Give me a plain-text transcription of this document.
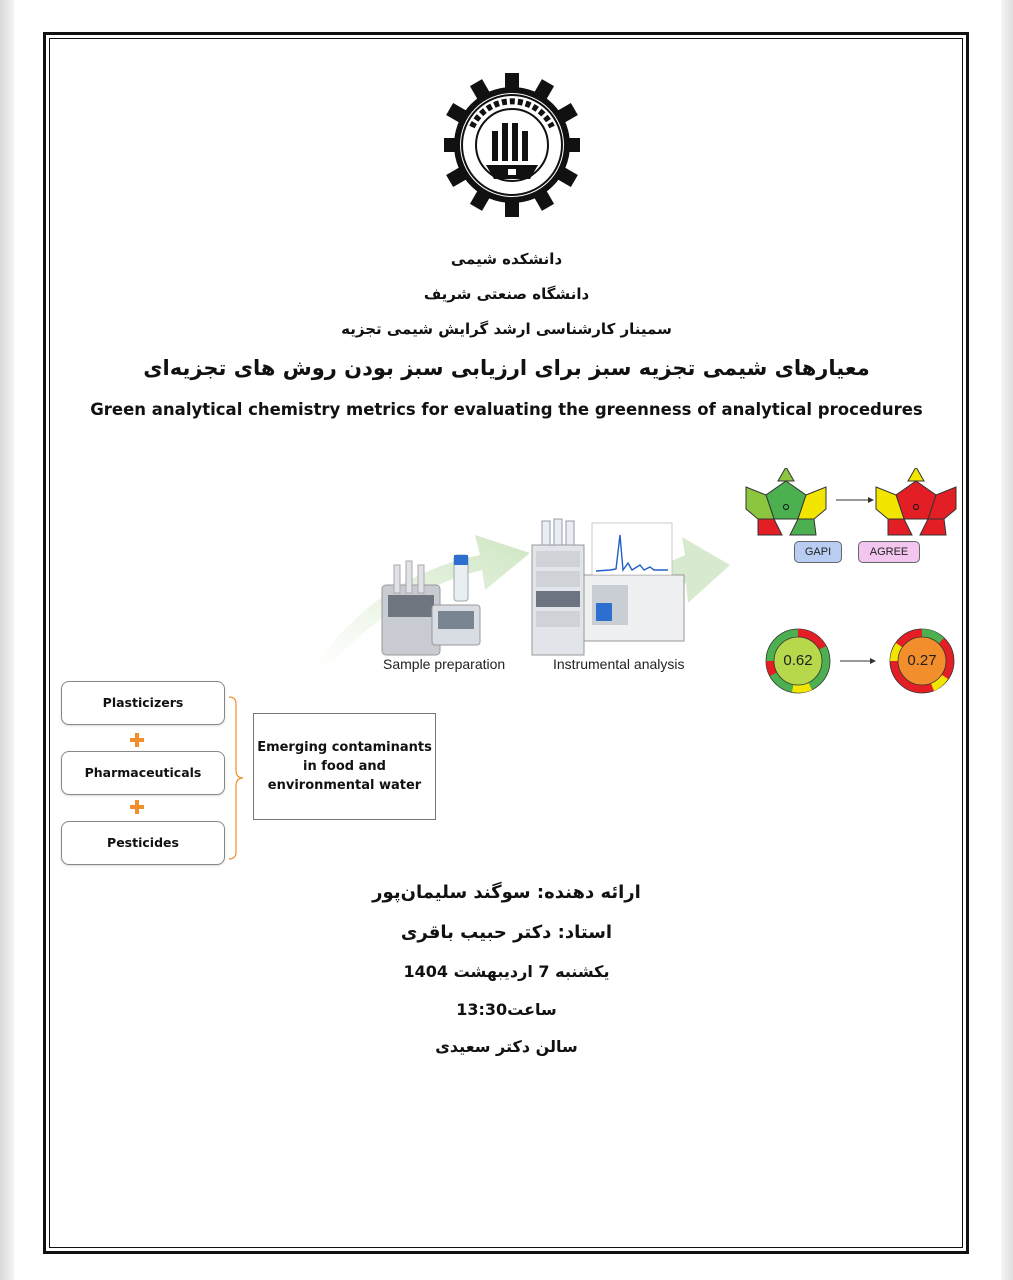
دانشکده شیمی
دانشگاه صنعتی شریف
سمینار کارشناسی ارشد گرایش شیمی تجزیه
معیارهای شیمی تجزیه سبز برای ارزیابی سبز بودن روش های تجزیه‌ای
Green analytical chemistry metrics for evaluating the greenness of analytical procedures
Sample preparation	Instrumental analysis
GAPI	AGREE
0.62	0.27
Plasticizers
Pharmaceuticals
Pesticides
Emerging contaminants in food and environmental water
ارائه دهنده: سوگند سلیمان‌پور
استاد: دکتر حبیب باقری
یکشنبه 7 اردیبهشت 1404
ساعت13:30
سالن دکتر سعیدی
